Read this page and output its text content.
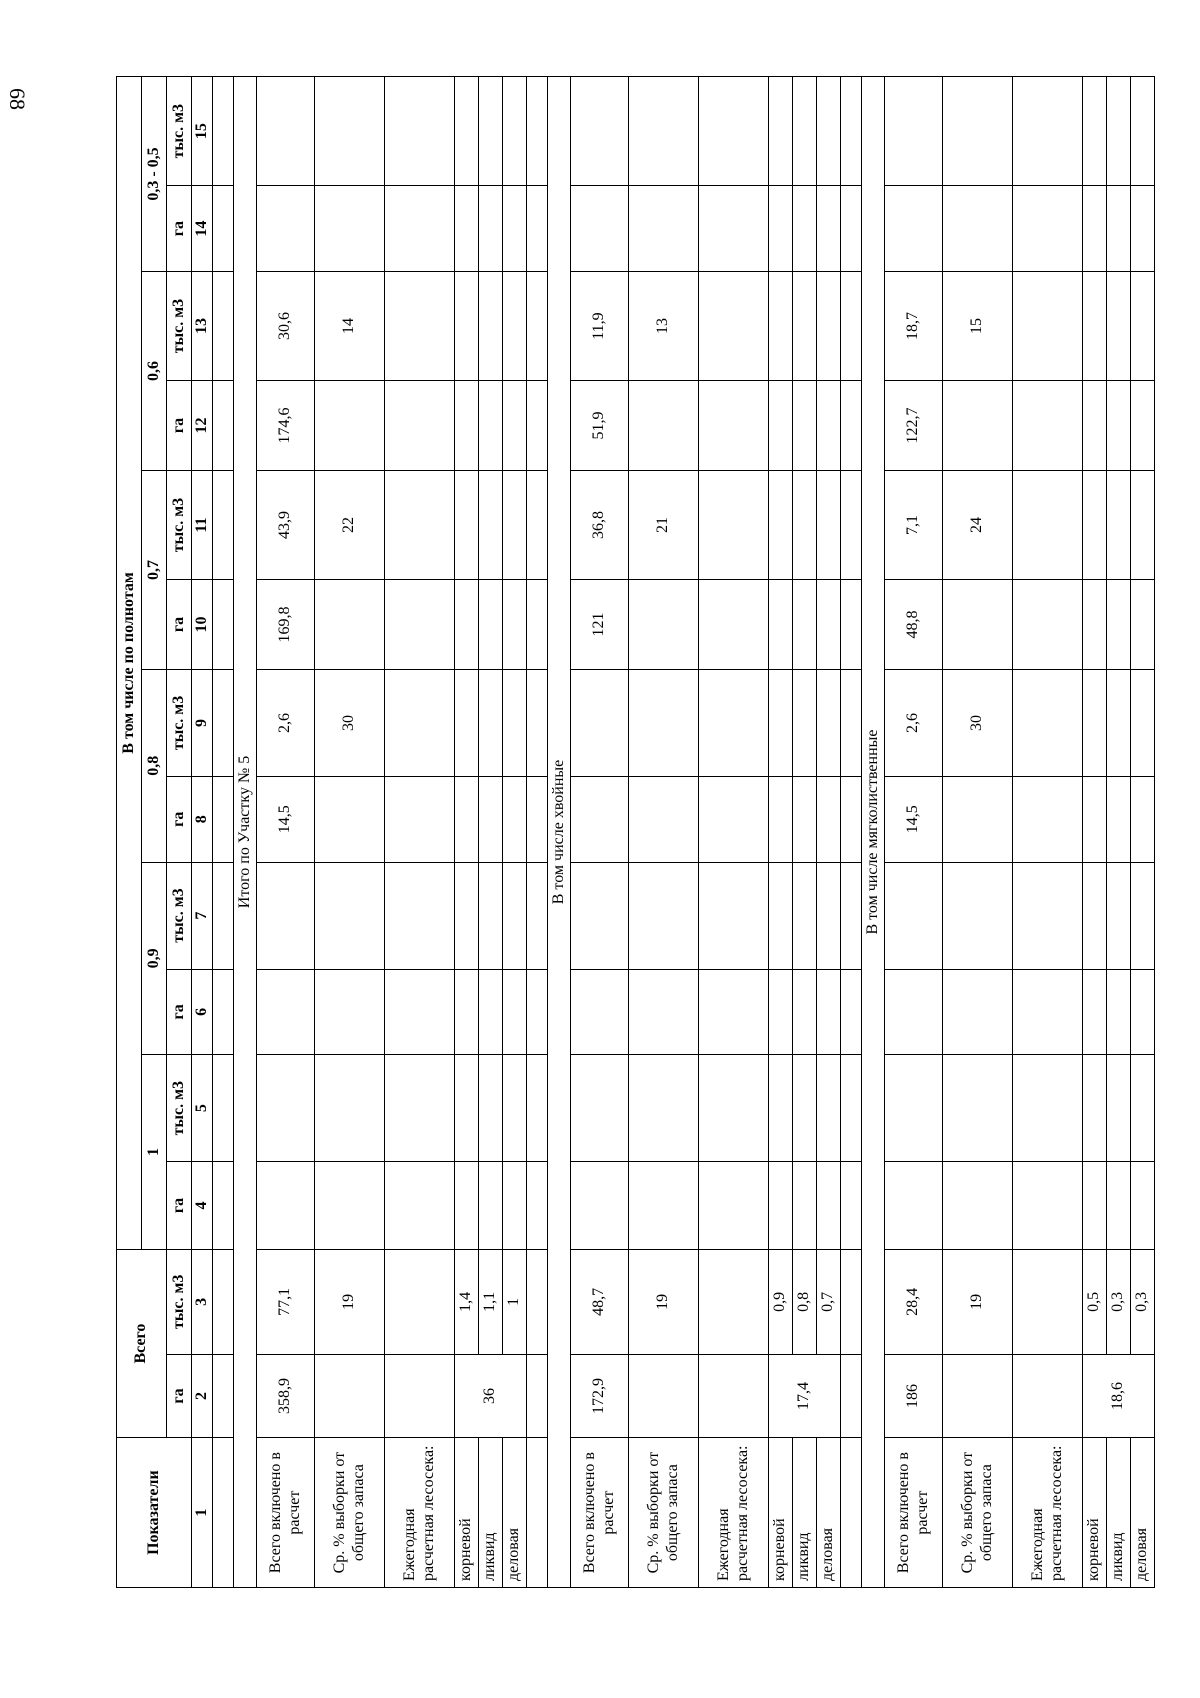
68
Показатели	Всего		В том числе по полнотам											
			1		0,9		0,8		0,7		0,6		0,3 - 0,5	
	га	тыс. м3	га	тыс. м3	га	тыс. м3	га	тыс. м3	га	тыс. м3	га	тыс. м3	га	тыс. м3
1	2	3	4	5	6	7	8	9	10	11	12	13	14	15

Итого по Участку № 5														
Всего включено в расчет	358,9	77,1					14,5	2,6	169,8	43,9	174,6	30,6		
Ср. % выборки от общего запаса		19						30		22		14		
Ежегодная расчетная лесосека:														
корневой	36	1,4												
ликвид		1,1												
деловая		1												

В том числе хвойные														
Всего включено в расчет	172,9	48,7							121	36,8	51,9	11,9		
Ср. % выборки от общего запаса		19								21		13		
Ежегодная расчетная лесосека:														
корневой	17,4	0,9												
ликвид		0,8												
деловая		0,7												

В том числе мягколиственные														
Всего включено в расчет	186	28,4					14,5	2,6	48,8	7,1	122,7	18,7		
Ср. % выборки от общего запаса		19						30		24		15		
Ежегодная расчетная лесосека:														
корневой	18,6	0,5												
ликвид		0,3												
деловая		0,3												
